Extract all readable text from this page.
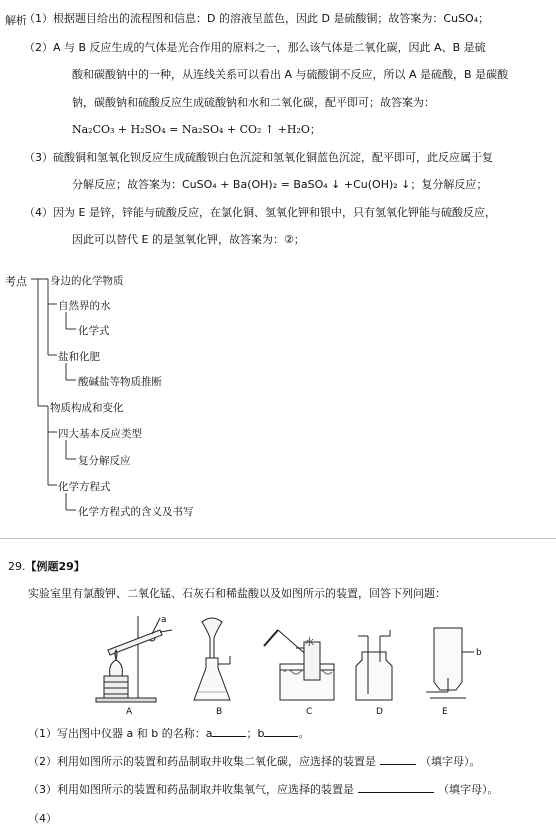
解析
（1）根据题目给出的流程图和信息：D 的溶液呈蓝色，因此 D 是硫酸铜；故答案为：CuSO₄；
（2）A 与 B 反应生成的气体是光合作用的原料之一，那么该气体是二氧化碳，因此 A、B 是硫
酸和碳酸钠中的一种，从连线关系可以看出 A 与硫酸铜不反应，所以 A 是硫酸，B 是碳酸
钠，碳酸钠和硫酸反应生成硫酸钠和水和二氧化碳，配平即可；故答案为：
Na₂CO₃ + H₂SO₄ = Na₂SO₄ + CO₂ ↑ +H₂O；
（3）硫酸铜和氢氧化钡反应生成硫酸钡白色沉淀和氢氧化铜蓝色沉淀，配平即可，此反应属于复
分解反应；故答案为：CuSO₄ + Ba(OH)₂ = BaSO₄ ↓ +Cu(OH)₂ ↓；复分解反应；
（4）因为 E 是锌，锌能与硫酸反应，在氯化铜、氢氧化钾和银中，只有氢氧化钾能与硫酸反应，
因此可以替代 E 的是氢氧化钾，故答案为：②；
考点 身边的化学物质
自然界的水
化学式
盐和化肥
酸碱盐等物质推断
物质构成和变化
四大基本反应类型
复分解反应
化学方程式
化学方程式的含义及书写
29.【例题29】
实验室里有氯酸钾、二氧化锰、石灰石和稀盐酸以及如图所示的装置，回答下列问题：
a
b
水
A	B	C	D	E
（1）写出图中仪器 a 和 b 的名称：a	；b	。
（2）利用如图所示的装置和药品制取并收集二氧化碳，应选择的装置是	（填字母）。
（3）利用如图所示的装置和药品制取并收集氧气，应选择的装置是	（填字母）。
（4）
